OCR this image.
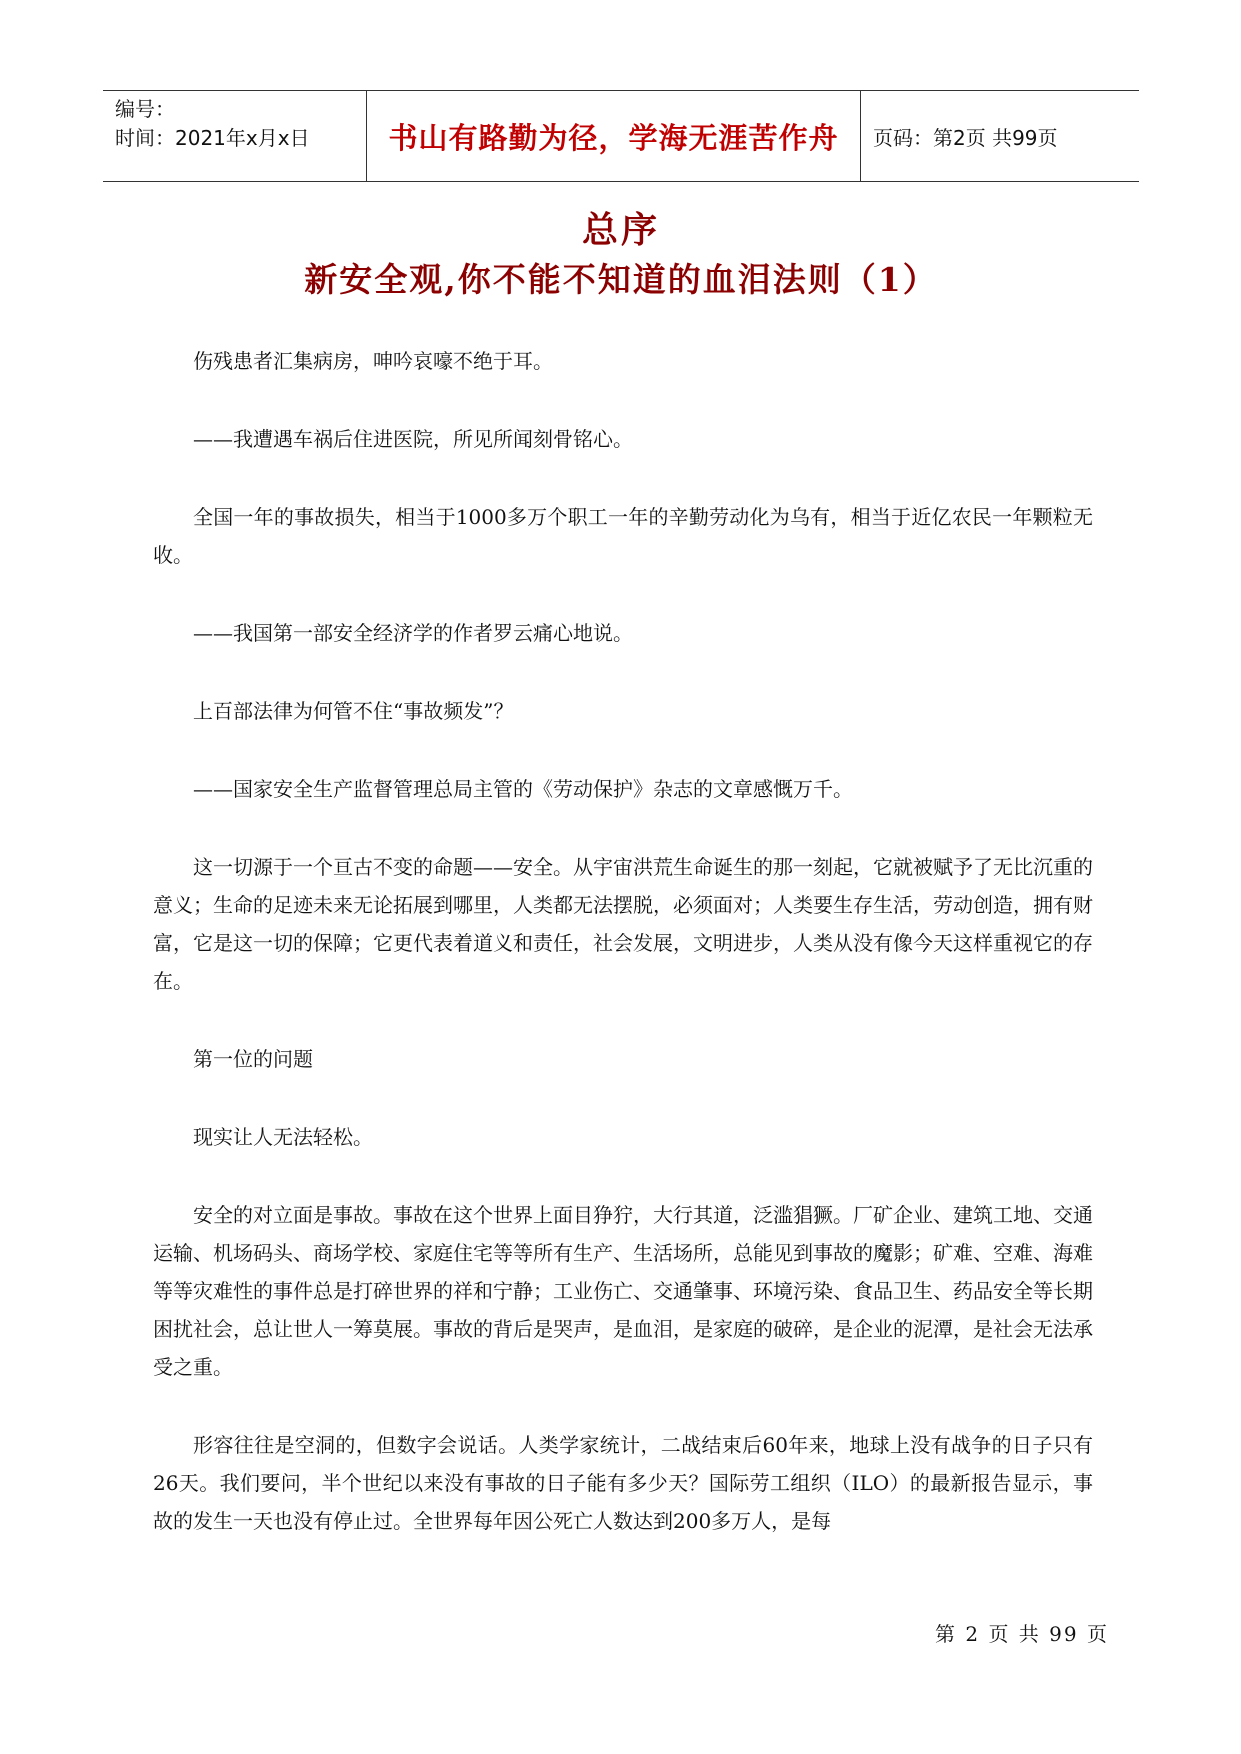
编号：
时间：2021年x月x日	书山有路勤为径，学海无涯苦作舟 页码：第2页 共99页
总序
新安全观,你不能不知道的血泪法则（1）

伤残患者汇集病房，呻吟哀嚎不绝于耳。

——我遭遇车祸后住进医院，所见所闻刻骨铭心。

全国一年的事故损失，相当于1000多万个职工一年的辛勤劳动化为乌有，相当于近亿农民一年颗粒无收。

——我国第一部安全经济学的作者罗云痛心地说。

上百部法律为何管不住“事故频发”？

——国家安全生产监督管理总局主管的《劳动保护》杂志的文章感慨万千。

这一切源于一个亘古不变的命题——安全。从宇宙洪荒生命诞生的那一刻起，它就被赋予了无比沉重的意义；生命的足迹未来无论拓展到哪里，人类都无法摆脱，必须面对；人类要生存生活，劳动创造，拥有财富，它是这一切的保障；它更代表着道义和责任，社会发展，文明进步，人类从没有像今天这样重视它的存在。

第一位的问题

现实让人无法轻松。

安全的对立面是事故。事故在这个世界上面目狰狞，大行其道，泛滥猖獗。厂矿企业、建筑工地、交通运输、机场码头、商场学校、家庭住宅等等所有生产、生活场所，总能见到事故的魔影；矿难、空难、海难等等灾难性的事件总是打碎世界的祥和宁静；工业伤亡、交通肇事、环境污染、食品卫生、药品安全等长期困扰社会，总让世人一筹莫展。事故的背后是哭声，是血泪，是家庭的破碎，是企业的泥潭，是社会无法承受之重。

形容往往是空洞的，但数字会说话。人类学家统计，二战结束后60年来，地球上没有战争的日子只有26天。我们要问，半个世纪以来没有事故的日子能有多少天？国际劳工组织（ILO）的最新报告显示，事故的发生一天也没有停止过。全世界每年因公死亡人数达到200多万人，是每

第 2 页 共 99 页
